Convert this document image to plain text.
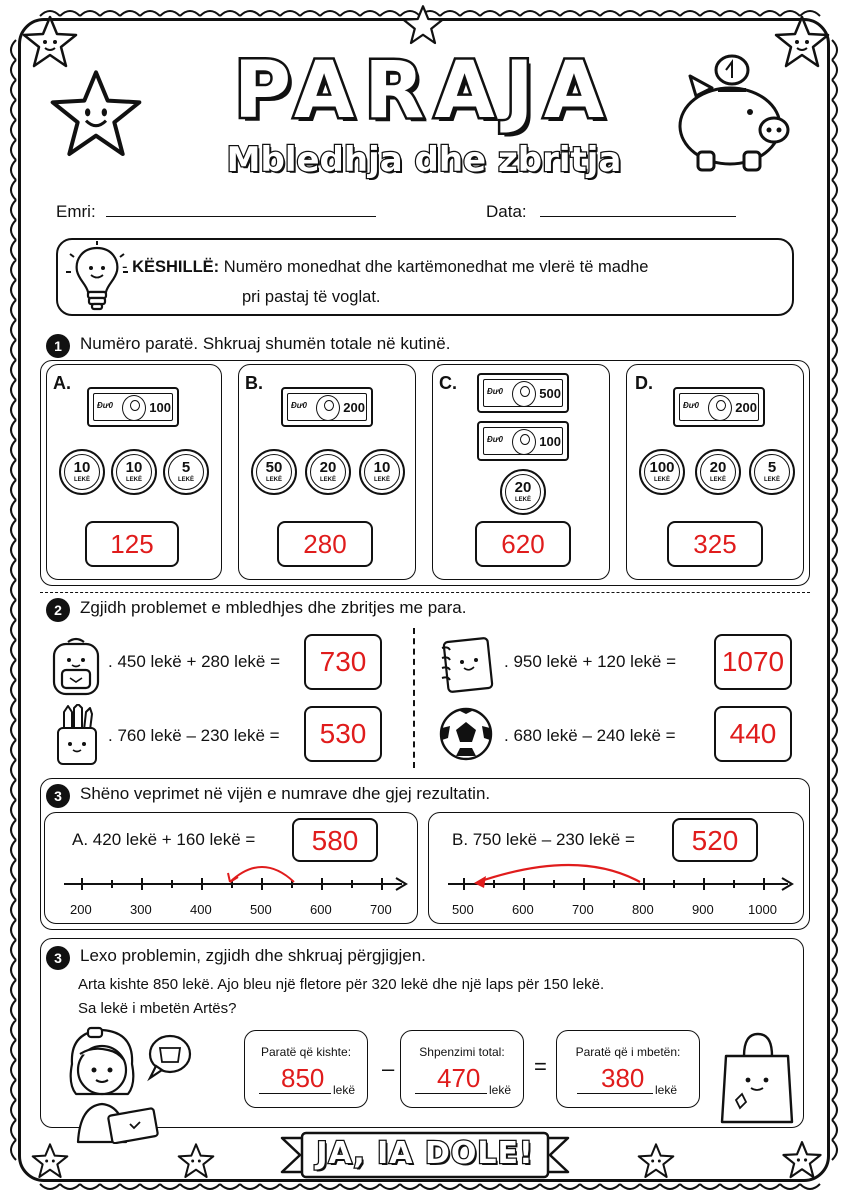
PARAJA
Mbledhja dhe zbritja
Emri:	Data:
- KËSHILLË: Numëro monedhat dhe kartëmonedhat me vlerë të madhe
pri pastaj të voglat.
1	Numëro paratë. Shkruaj shumën totale në kutinë.
A.
Đư0	100
10
LEKË
10
LEKË
5
LEKË
125
B.
Đư0	200
50
LEKË
20
LEKË
10
LEKË
280
C.	Đư0	500
Đư0	100
20
LEKË
620
D.
Đư0	200
100
LEKË
20
LEKË
5
LEKË
325
2	Zgjidh problemet e mbledhjes dhe zbritjes me para.
. 450 lekë + 280 lekë =	730
. 760 lekë – 230 lekë =	530
. 950 lekë + 120 lekë = 1070
. 680 lekë – 240 lekë =	440
3	Shëno veprimet në vijën e numrave dhe gjej rezultatin.
A. 420 lekë + 160 lekë =	580
200	300	400	500	600	700
B. 750 lekë – 230 lekë =	520
500	600	700	800	900	1000
3	Lexo problemin, zgjidh dhe shkruaj përgjigjen.
Arta kishte 850 lekë. Ajo bleu një fletore për 320 lekë dhe një laps për 150 lekë.
Sa lekë i mbetën Artës?
Paratë që kishte:
850 lekë
–
Shpenzimi total:
470 lekë
=
Paratë që i mbetën:
380 lekë
JA, IA DOLE!
